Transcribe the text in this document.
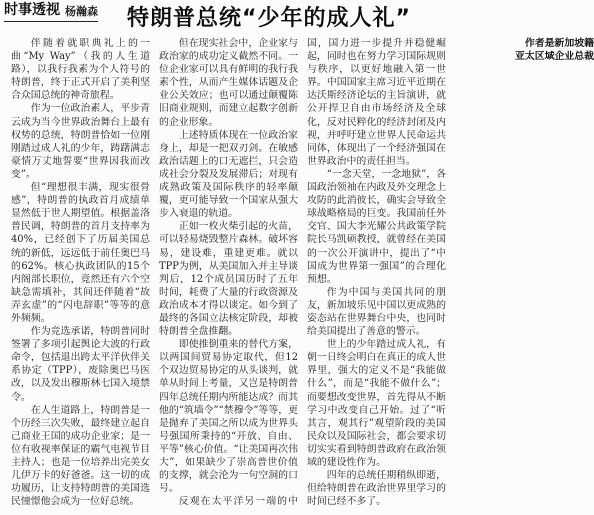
时事透视 杨瀚森	特朗普总统“少年的成人礼”

伴随着就职典礼上的一曲“My Way”（我的人生道路），以我行我素为个人符号的特朗普，终于正式开启了美利坚合众国总统的神奇旅程。

作为一位政治素人，平步青云成为当今世界政治舞台上最有权势的总统，特朗普恰如一位刚刚踏过成人礼的少年，踌躇满志豪情万丈地誓要“世界因我而改变”。

但“理想很丰满，现实很骨感”，特朗普的执政首月成绩单显然低于世人期望值。根据盖洛普民调，特朗普的首月支持率为40%，已经创下了历届美国总统的新低，远远低于前任奥巴马的62%。核心执政团队的15个内阁部长职位，竟然还有六个空缺急需填补，其间还伴随着“故弄玄虚”的“闪电辞职”等等的意外频频。

作为竞选承诺，特朗普同时签署了多项引起舆论大波的行政命令，包括退出跨太平洋伙伴关系协定（TPP），废除奥巴马医改，以及发出穆斯林七国入境禁令。

在人生道路上，特朗普是一个历经三次失败，最终建立起自己商业王国的成功企业家；是一位有收视率保证的霸气电视节目主持人；也是一位培养出完美女儿伊万卡的好爸爸。这一切的成功履历，让支持特朗普的美国选民憧憬他会成为一位好总统。

但在现实社会中，企业家与政治家的成功定义截然不同。一位企业家可以具有鲜明的我行我素个性，从而产生媒体话题及企业公关效应；也可以通过颠覆陈旧商业规则，而建立起数字创新的企业形象。

上述特质体现在一位政治家身上，却是一把双刃剑。在敏感政治话题上的口无遮拦，只会造成社会分裂及发展滞后；对现有成熟政策及国际秩序的轻率颠覆，更可能导致一个国家从强大步入衰退的轨道。

正如一枚火柴引起的火苗，可以轻易烧毁整片森林。破坏容易，建设难，重建更难。就以TPP为例，从美国加入并主导谈判后，12个成员国历时了五年时间，耗费了大量的行政资源及政治成本才得以谈定。如今到了最终的各国立法核定阶段，却被特朗普全盘推翻。

即使推倒重来的替代方案，以两国间贸易协定取代，但12个双边贸易协定的从头谈判，就单从时间上考量，又岂是特朗普四年总统任期内所能达成？而其他的“筑墙令”“禁穆令”等等，更是抛弃了美国之所以成为世界头号强国所秉持的“开放、自由、平等”核心价值。“让美国再次伟大”，如果缺少了崇高普世价值的支撑，就会沦为一句空洞的口号。

反观在太平洋另一端的中国，国力进一步提升并稳健崛起，同时也在努力学习国际规则与秩序，以更好地融入第一世界。中国国家主席习近平近期在达沃斯经济论坛的主旨演讲，就公开捍卫自由市场经济及全球化，反对民粹化的经济封闭及内视，并呼吁建立世界人民命运共同体，体现出了一个经济强国在世界政治中的责任担当。

“一念天堂，一念地狱”，各国政治领袖在内政及外交理念上攻防的此消彼长，确实会导致全球战略格局的巨变。我国前任外交官、国大李光耀公共政策学院院长马凯硕教授，就曾经在美国的一次公开演讲中，提出了“中国成为世界第一强国”的合理化预想。

作为中国与美国共同的朋友，新加坡乐见中国以更成熟的姿态站在世界舞台中央，也同时给美国提出了善意的警示。

世上的少年踏过成人礼，有朝一日终会明白在真正的成人世界里，强大的定义不是“我能做什么”，而是“我能不做什么”；而要想改变世界，首先得从不断学习中改变自己开始。过了“听其言，观其行”观望阶段的美国民众以及国际社会，都会要求切切实实看到特朗普政府在政治领域的建设性作为。

四年的总统任期稍纵即逝，但给特朗普在政治世界里学习的时间已经不多了。

作者是新加坡籍
亚太区域企业总裁
